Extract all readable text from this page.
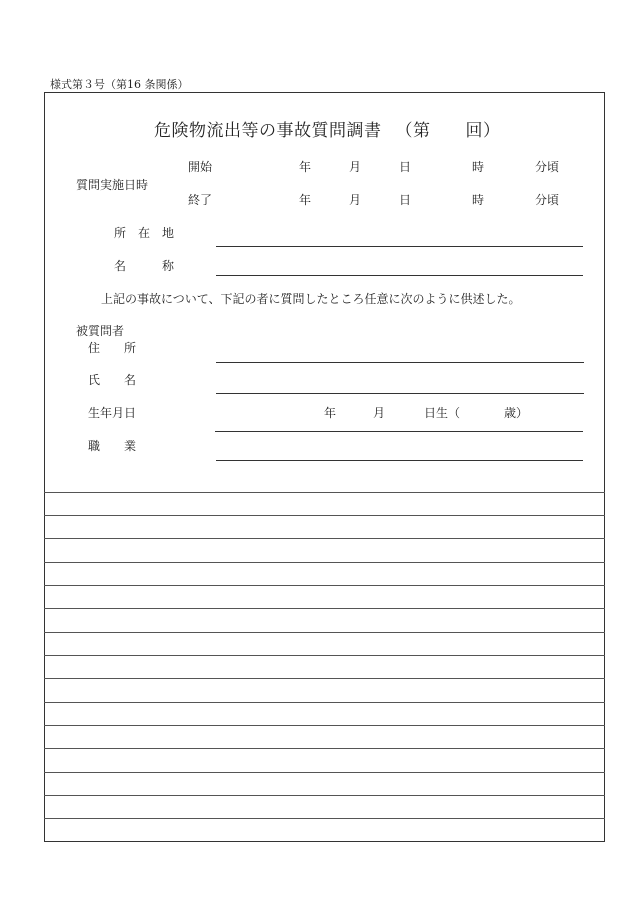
様式第３号（第16 条関係）
危険物流出等の事故質問調書 （第　　回）
質問実施日時
開始	年	月	日	時	分頃
終了	年	月	日	時	分頃
所　在　地
名　　　称
上記の事故について、下記の者に質問したところ任意に次のように供述した。
被質問者
住　　所
氏　　名
生年月日	年	月	日生（	歳）
職　　業
